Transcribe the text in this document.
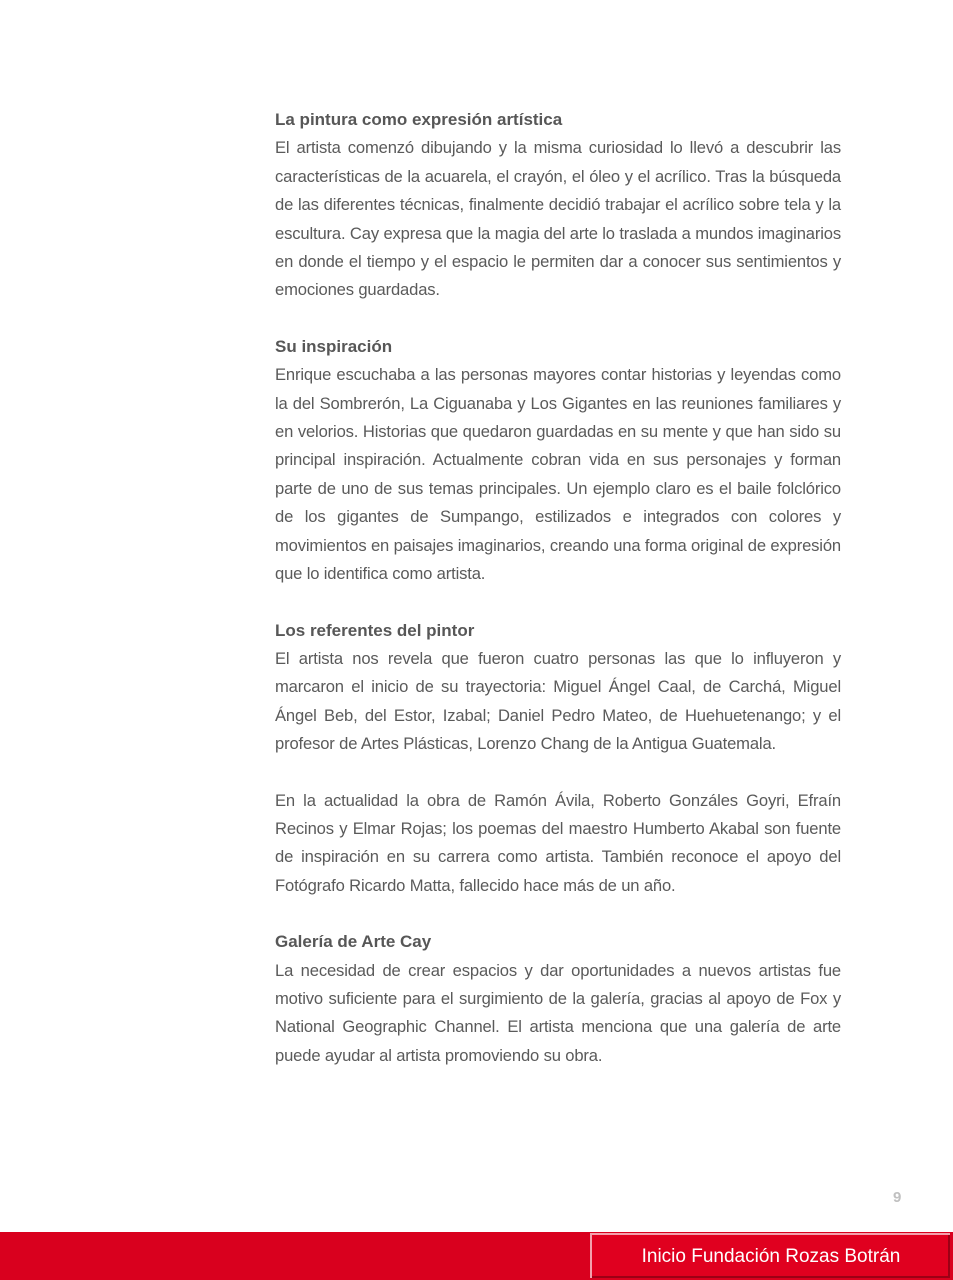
La pintura como expresión artística

El artista comenzó dibujando y la misma curiosidad lo llevó a descubrir las características de la acuarela, el crayón, el óleo y el acrílico. Tras la búsqueda de las diferentes técnicas, finalmente decidió trabajar el acrílico sobre tela y la escultura. Cay expresa que la magia del arte lo traslada a mundos imaginarios en donde el tiempo y el espacio le permiten dar a conocer sus sentimientos y emociones guardadas.

Su inspiración

Enrique escuchaba a las personas mayores contar historias y leyendas como la del Sombrerón, La Ciguanaba y Los Gigantes en las reuniones familiares y en velorios. Historias que quedaron guardadas en su mente y que han sido su principal inspiración. Actualmente cobran vida en sus personajes y forman parte de uno de sus temas principales. Un ejemplo claro es el baile folclórico de los gigantes de Sumpango, estilizados e integrados con colores y movimientos en paisajes imaginarios, creando una forma original de expresión que lo identifica como artista.

Los referentes del pintor

El artista nos revela que fueron cuatro personas las que lo influyeron y marcaron el inicio de su trayectoria: Miguel Ángel Caal, de Carchá, Miguel Ángel Beb, del Estor, Izabal; Daniel Pedro Mateo, de Huehuetenango; y el profesor de Artes Plásticas, Lorenzo Chang de la Antigua Guatemala.

En la actualidad la obra de Ramón Ávila, Roberto Gonzáles Goyri, Efraín Recinos y Elmar Rojas; los poemas del maestro Humberto Akabal son fuente de inspiración en su carrera como artista. También reconoce el apoyo del Fotógrafo Ricardo Matta, fallecido hace más de un año.

Galería de Arte Cay

La necesidad de crear espacios y dar oportunidades a nuevos artistas fue motivo suficiente para el surgimiento de la galería, gracias al apoyo de Fox y National Geographic Channel. El artista menciona que una galería de arte puede ayudar al artista promoviendo su obra.

9
Inicio Fundación Rozas Botrán
